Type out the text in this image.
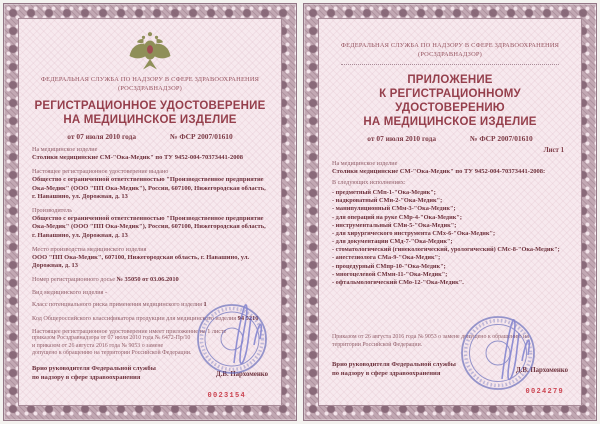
ФЕДЕРАЛЬНАЯ СЛУЖБА ПО НАДЗОРУ В СФЕРЕ ЗДРАВООХРАНЕНИЯ
(РОСЗДРАВНАДЗОР)
РЕГИСТРАЦИОННОЕ УДОСТОВЕРЕНИЕ
НА МЕДИЦИНСКОЕ ИЗДЕЛИЕ
от 07 июля 2010 года	№ ФСР 2007/01610
На медицинское изделие
Столики медицинские СМ-"Ока-Медик" по ТУ 9452-004-70373441-2008
Настоящее регистрационное удостоверение выдано
Общество с ограниченной ответственностью "Производственное предприятие Ока-Медик" (ООО "ПП Ока-Медик"), Россия, 607100, Нижегородская область, г. Навашино, ул. Дорожная, д. 13
Производитель
Общество с ограниченной ответственностью "Производственное предприятие Ока-Медик" (ООО "ПП Ока-Медик"), Россия, 607100, Нижегородская область, г. Навашино, ул. Дорожная, д. 13
Место производства медицинского изделия
ООО "ПП Ока-Медик", 607100, Нижегородская область, г. Навашино, ул. Дорожная, д. 13
Номер регистрационного досье № 35050 от 03.06.2010
Вид медицинского изделия -
Класс потенциального риска применения медицинского изделия 1
Код Общероссийского классификатора продукции для медицинского изделия 94 5210
Настоящее регистрационное удостоверение имеет приложение на 1 листе
приказом Росздравнадзора от 07 июля 2010 года № 6472-Пр/10
и приказом от 26 августа 2016 года № 9053 о замене
допущено к обращению на территории Российской Федерации.
Врио руководителя Федеральной службы
по надзору в сфере здравоохранения	Д.В. Пархоменко
0023154
ФЕДЕРАЛЬНАЯ СЛУЖБА ПО НАДЗОРУ В СФЕРЕ ЗДРАВООХРАНЕНИЯ
(РОСЗДРАВНАДЗОР)
ПРИЛОЖЕНИЕ
К РЕГИСТРАЦИОННОМУ УДОСТОВЕРЕНИЮ
НА МЕДИЦИНСКОЕ ИЗДЕЛИЕ
от 07 июля 2010 года	№ ФСР 2007/01610
Лист 1
На медицинское изделие
Столики медицинские СМ-"Ока-Медик" по ТУ 9452-004-70373441-2008:
В следующих исполнениях:
- предметный СМп-1-"Ока-Медик";
- надкроватный СМн-2-"Ока-Медик";
- манипуляционный СМм-3-"Ока-Медик";
- для операций на руке СМр-4-"Ока-Медик";
- инструментальный СМи-5-"Ока-Медик";
- для хирургического инструмента СМх-6-"Ока-Медик";
- для документации СМд-7-"Ока-Медик";
- стоматологический (гинекологический, урологический) СМс-8-"Ока-Медик";
- анестезиолога СМа-9-"Ока-Медик";
- процедурный СМпр-10-"Ока-Медик";
- многоцелевой СМмн-11-"Ока-Медик";
- офтальмологический СМо-12-"Ока-Медик".
Приказом от 26 августа 2016 года № 9053 о замене допущено к обращению на
территории Российской Федерации.
Врио руководителя Федеральной службы
по надзору в сфере здравоохранения	Д.В. Пархоменко
0024279
